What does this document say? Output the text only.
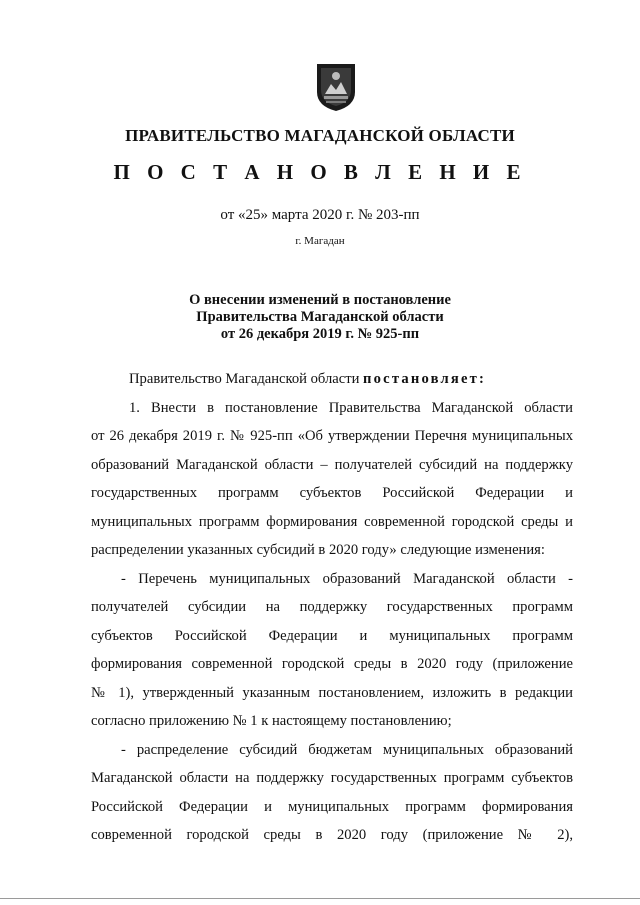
ПРАВИТЕЛЬСТВО МАГАДАНСКОЙ ОБЛАСТИ
П О С Т А Н О В Л Е Н И Е
от «25» марта 2020 г. № 203-пп
г. Магадан
О внесении изменений в постановление
Правительства Магаданской области
от 26 декабря 2019 г. № 925-пп
Правительство Магаданской области постановляет:
1. Внести в постановление Правительства Магаданской области
от 26 декабря 2019 г. № 925-пп «Об утверждении Перечня муниципальных
образований Магаданской области – получателей субсидий на поддержку
государственных программ субъектов Российской Федерации и
муниципальных программ формирования современной городской среды и
распределении указанных субсидий в 2020 году» следующие изменения:
- Перечень муниципальных образований Магаданской области -
получателей субсидии на поддержку государственных программ
субъектов Российской Федерации и муниципальных программ
формирования современной городской среды в 2020 году (приложение
№ 1), утвержденный указанным постановлением, изложить в редакции
согласно приложению № 1 к настоящему постановлению;
- распределение субсидий бюджетам муниципальных образований
Магаданской области на поддержку государственных программ субъектов
Российской Федерации и муниципальных программ формирования
современной городской среды в 2020 году (приложение № 2),
